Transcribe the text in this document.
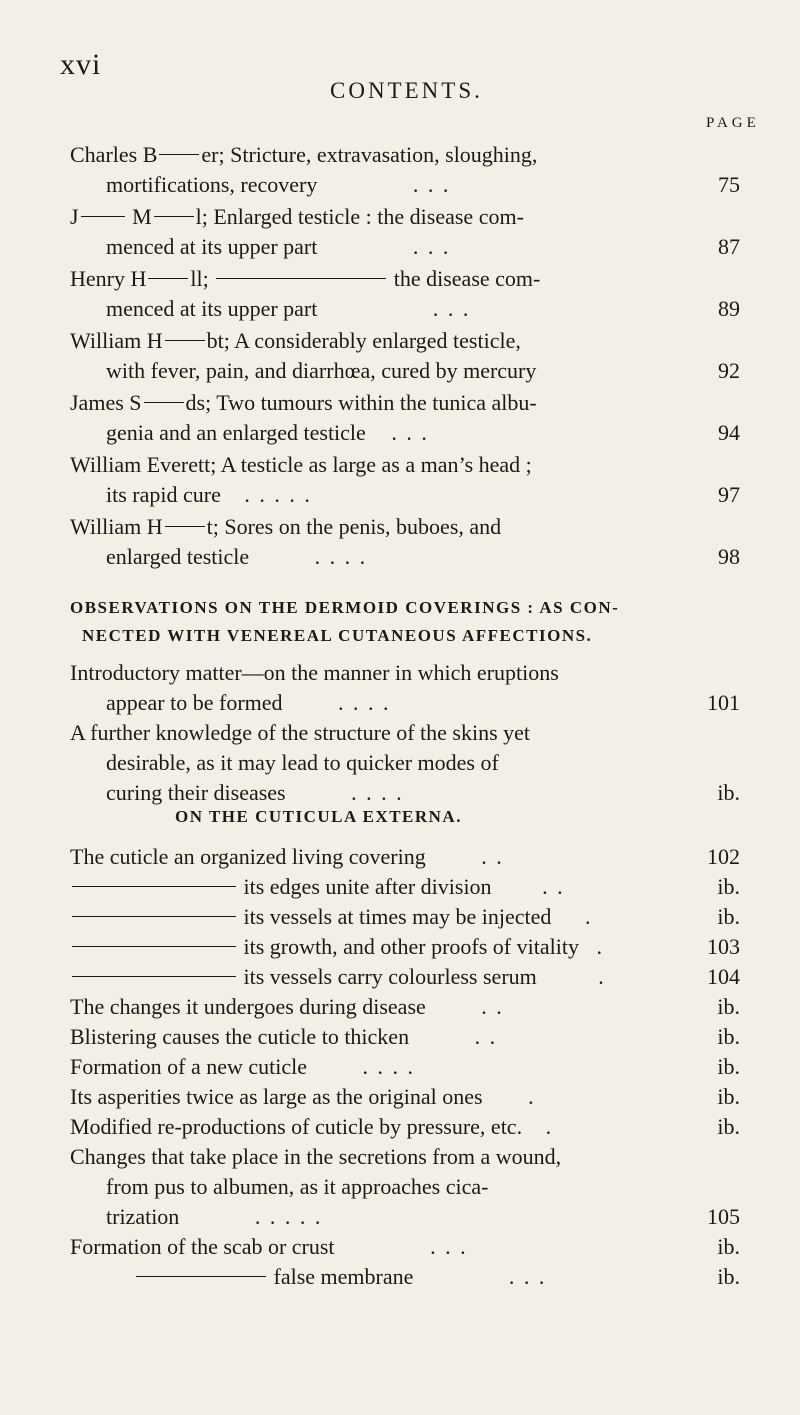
xvi
CONTENTS.
PAGE
Charles B er; Stricture, extravasation, sloughing,
mortifications, recovery	. . .	75
J M l; Enlarged testicle : the disease com-
menced at its upper part	. . .	87
Henry H ll;	the disease com-
menced at its upper part	. . .	89
William H bt; A considerably enlarged testicle,
with fever, pain, and diarrhœa, cured by mercury	92
James S ds; Two tumours within the tunica albu-
genia and an enlarged testicle . . .	94
William Everett; A testicle as large as a man’s head ;
its rapid cure . . . . .	97
William H t; Sores on the penis, buboes, and
enlarged testicle	. . . .	98
OBSERVATIONS ON THE DERMOID COVERINGS : AS CON-
NECTED WITH VENEREAL CUTANEOUS AFFECTIONS.
Introductory matter—on the manner in which eruptions
appear to be formed	. . . .	101
A further knowledge of the structure of the skins yet
desirable, as it may lead to quicker modes of
curing their diseases	. . . .	ib.
ON THE CUTICULA EXTERNA.
The cuticle an organized living covering	. .	102
its edges unite after division . .	ib.
its vessels at times may be injected .	ib.
its growth, and other proofs of vitality .	103
its vessels carry colourless serum	.	104
The changes it undergoes during disease	. .	ib.
Blistering causes the cuticle to thicken	. .	ib.
Formation of a new cuticle	. . . .	ib.
Its asperities twice as large as the original ones .	ib.
Modified re-productions of cuticle by pressure, etc. .	ib.
Changes that take place in the secretions from a wound,
from pus to albumen, as it approaches cica-
trization	. . . . .	105
Formation of the scab or crust	. . .	ib.
false membrane	. . .	ib.
